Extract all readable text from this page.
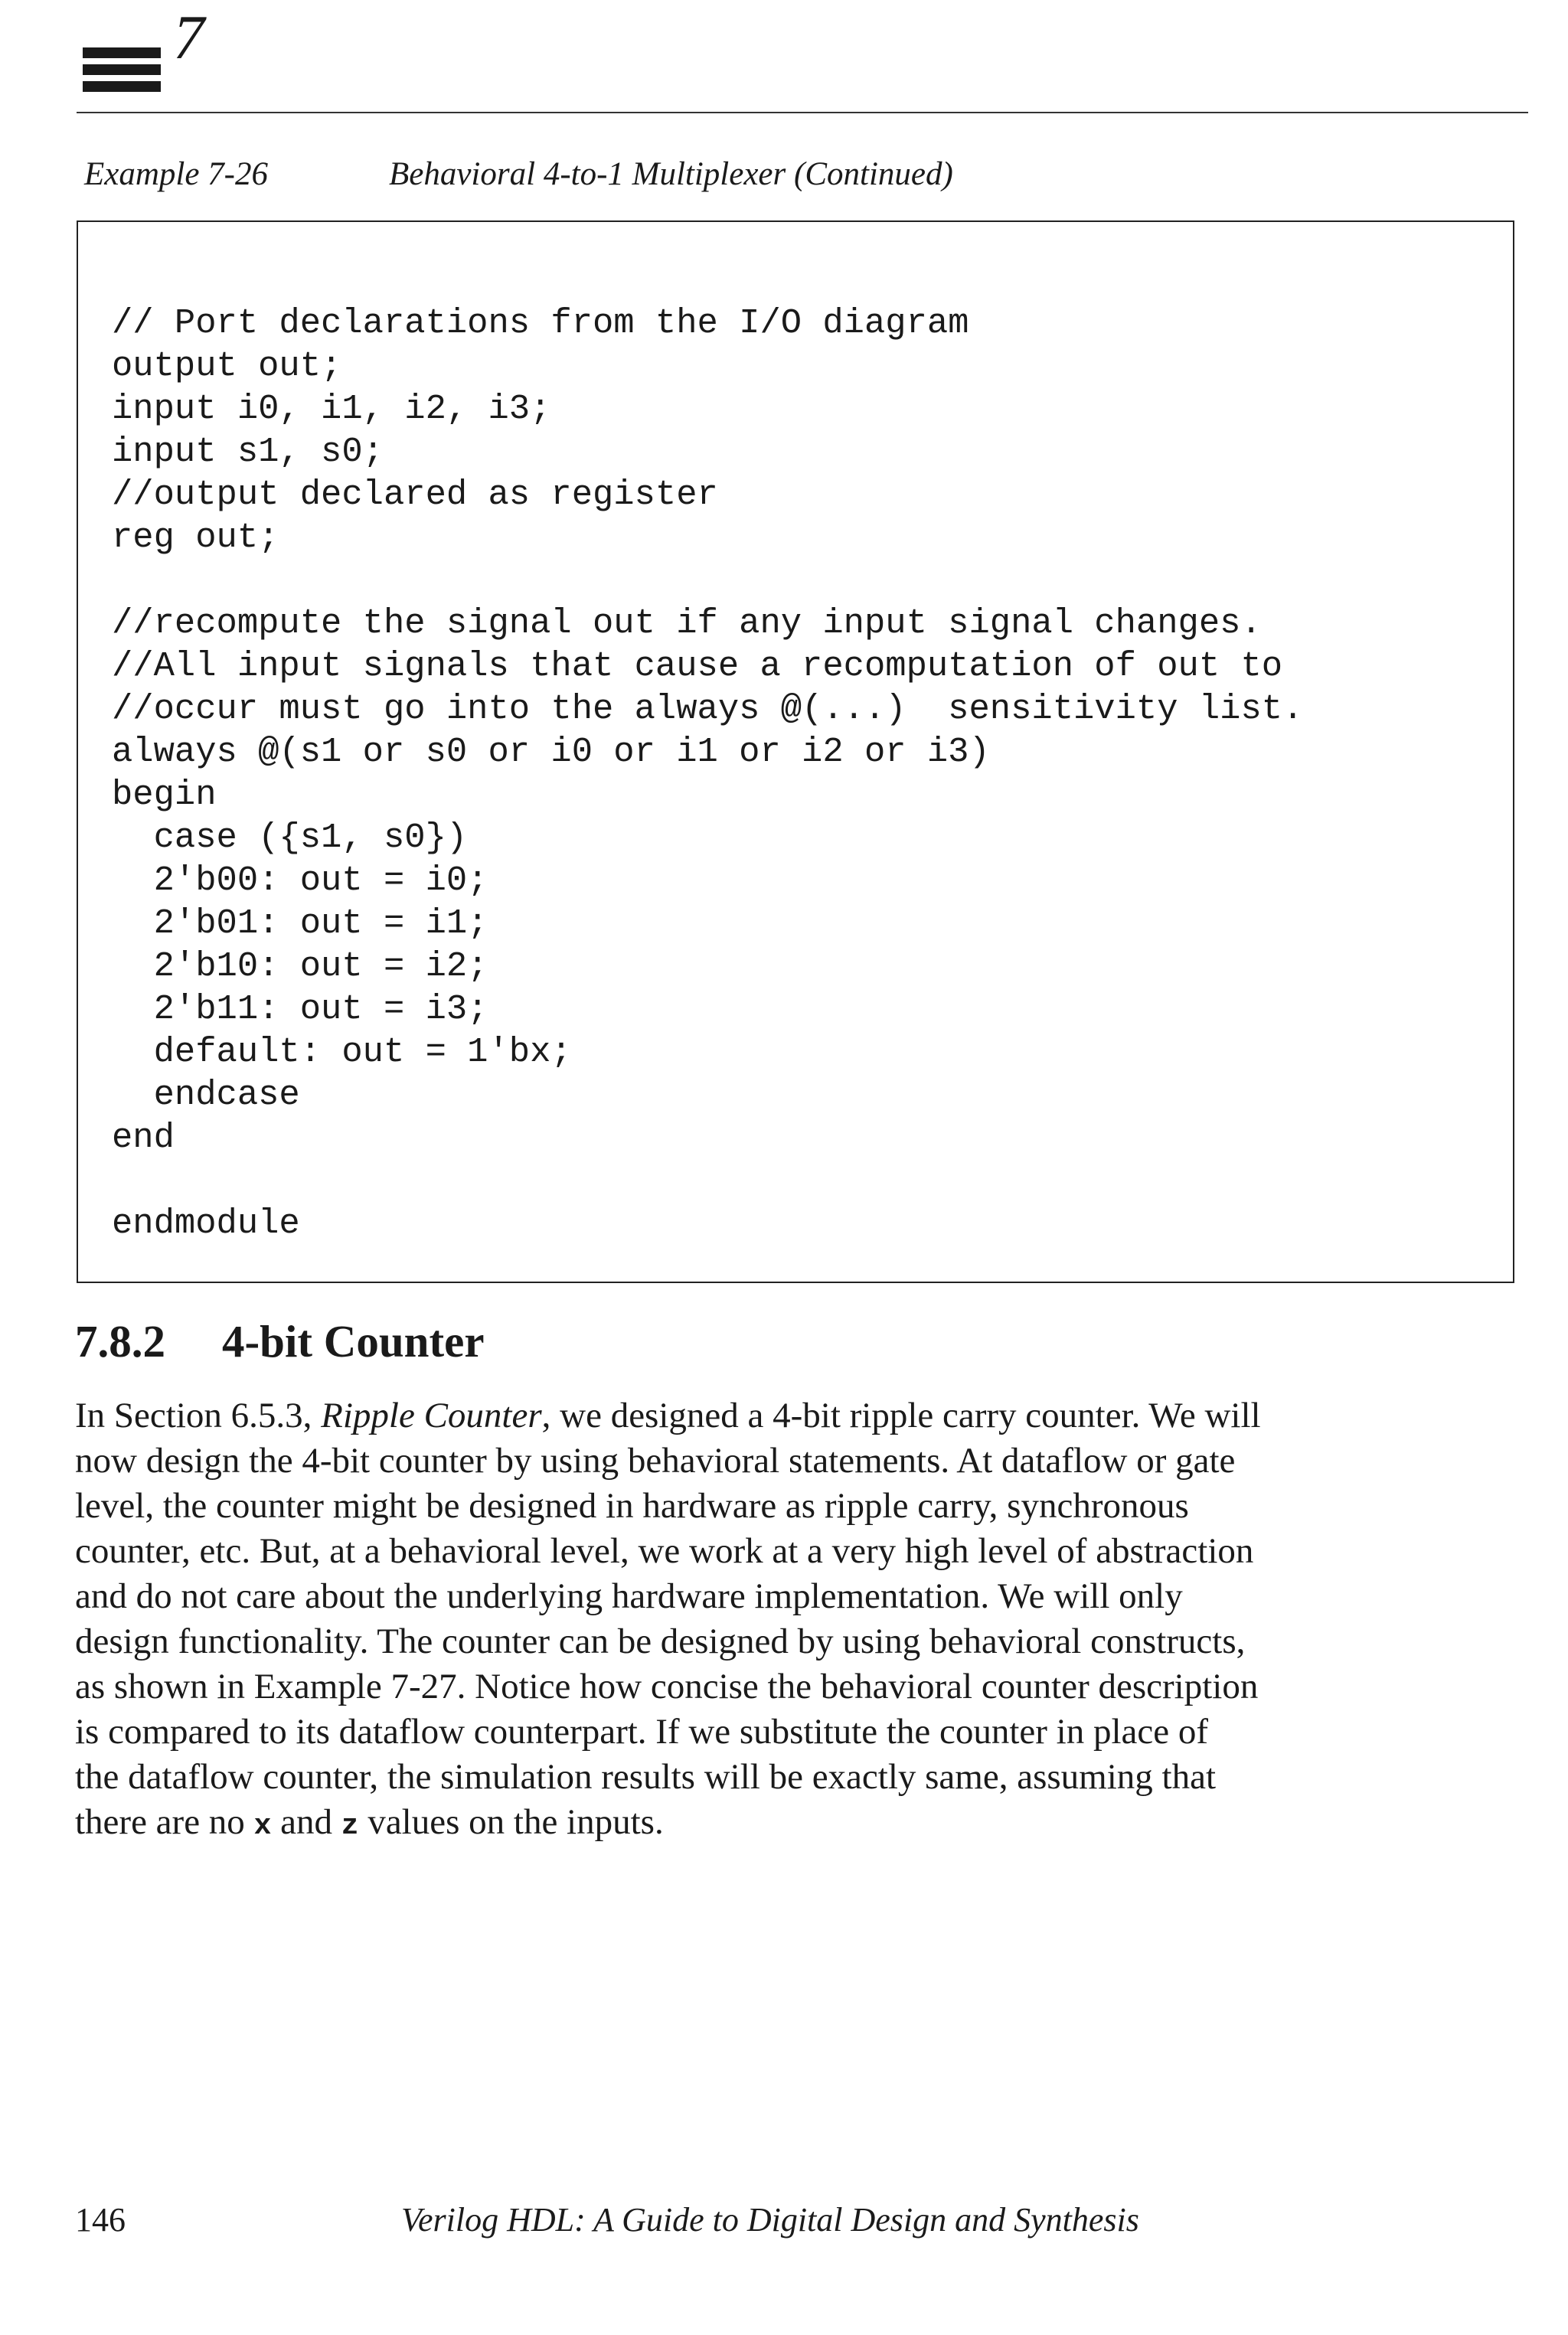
7
Example 7-26	Behavioral 4-to-1 Multiplexer (Continued)
// Port declarations from the I/O diagram
output out;
input i0, i1, i2, i3;
input s1, s0;
//output declared as register
reg out;
//recompute the signal out if any input signal changes.
//All input signals that cause a recomputation of out to
//occur must go into the always @(...)  sensitivity list.
always @(s1 or s0 or i0 or i1 or i2 or i3)
begin
case ({s1, s0})
2'b00: out = i0;
2'b01: out = i1;
2'b10: out = i2;
2'b11: out = i3;
default: out = 1'bx;
endcase
end
endmodule
7.8.2 4-bit Counter
In Section 6.5.3, Ripple Counter, we designed a 4-bit ripple carry counter. We will
now design the 4-bit counter by using behavioral statements. At dataflow or gate
level, the counter might be designed in hardware as ripple carry, synchronous
counter, etc. But, at a behavioral level, we work at a very high level of abstraction
and do not care about the underlying hardware implementation. We will only
design functionality. The counter can be designed by using behavioral constructs,
as shown in Example 7-27. Notice how concise the behavioral counter description
is compared to its dataflow counterpart. If we substitute the counter in place of
the dataflow counter, the simulation results will be exactly same, assuming that
there are no x and z values on the inputs.
146	Verilog HDL: A Guide to Digital Design and Synthesis
